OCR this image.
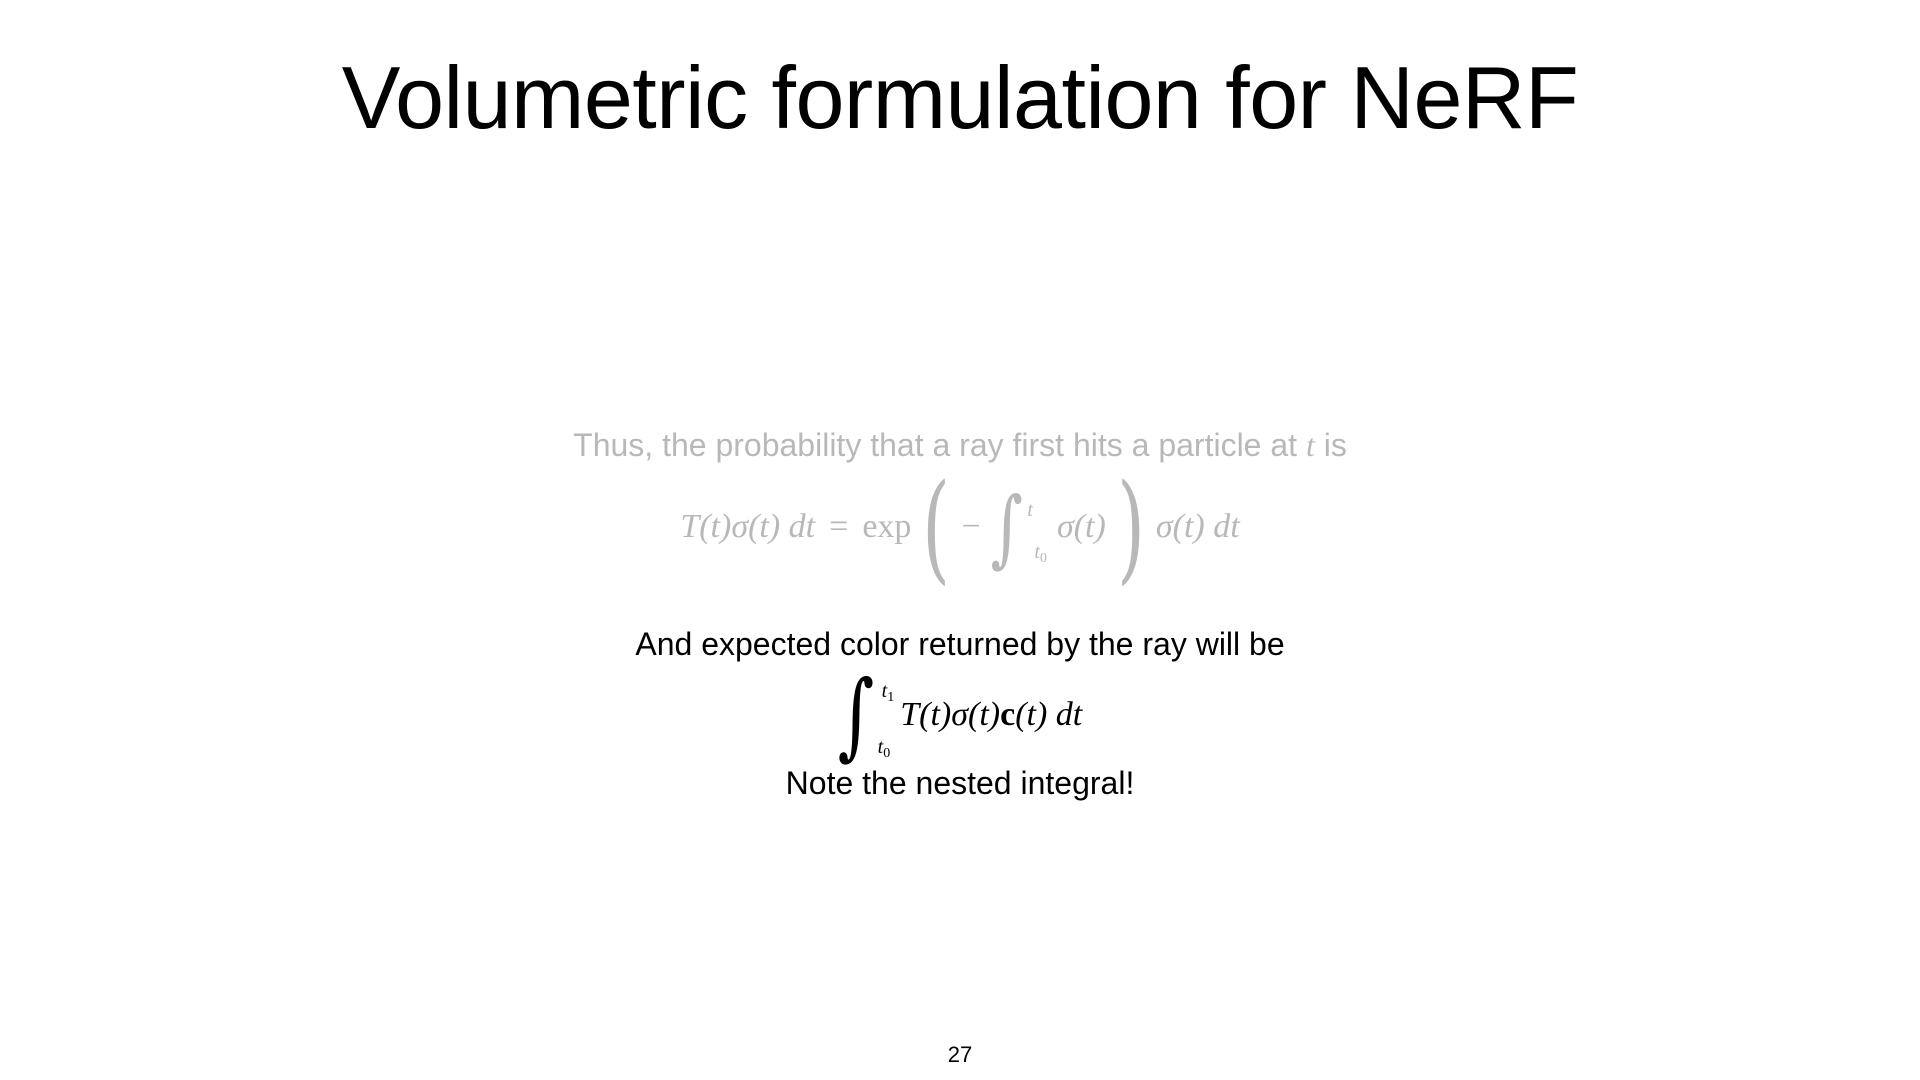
Volumetric formulation for NeRF
Thus, the probability that a ray first hits a particle at t is
T(t)σ(t) dt = exp ( − ∫ t
$t_0$
σ(t) ) σ(t) dt
And expected color returned by the ray will be
∫ $t_1$
$t_0$
T(t)σ(t) c (t) dt
Note the nested integral!
27
